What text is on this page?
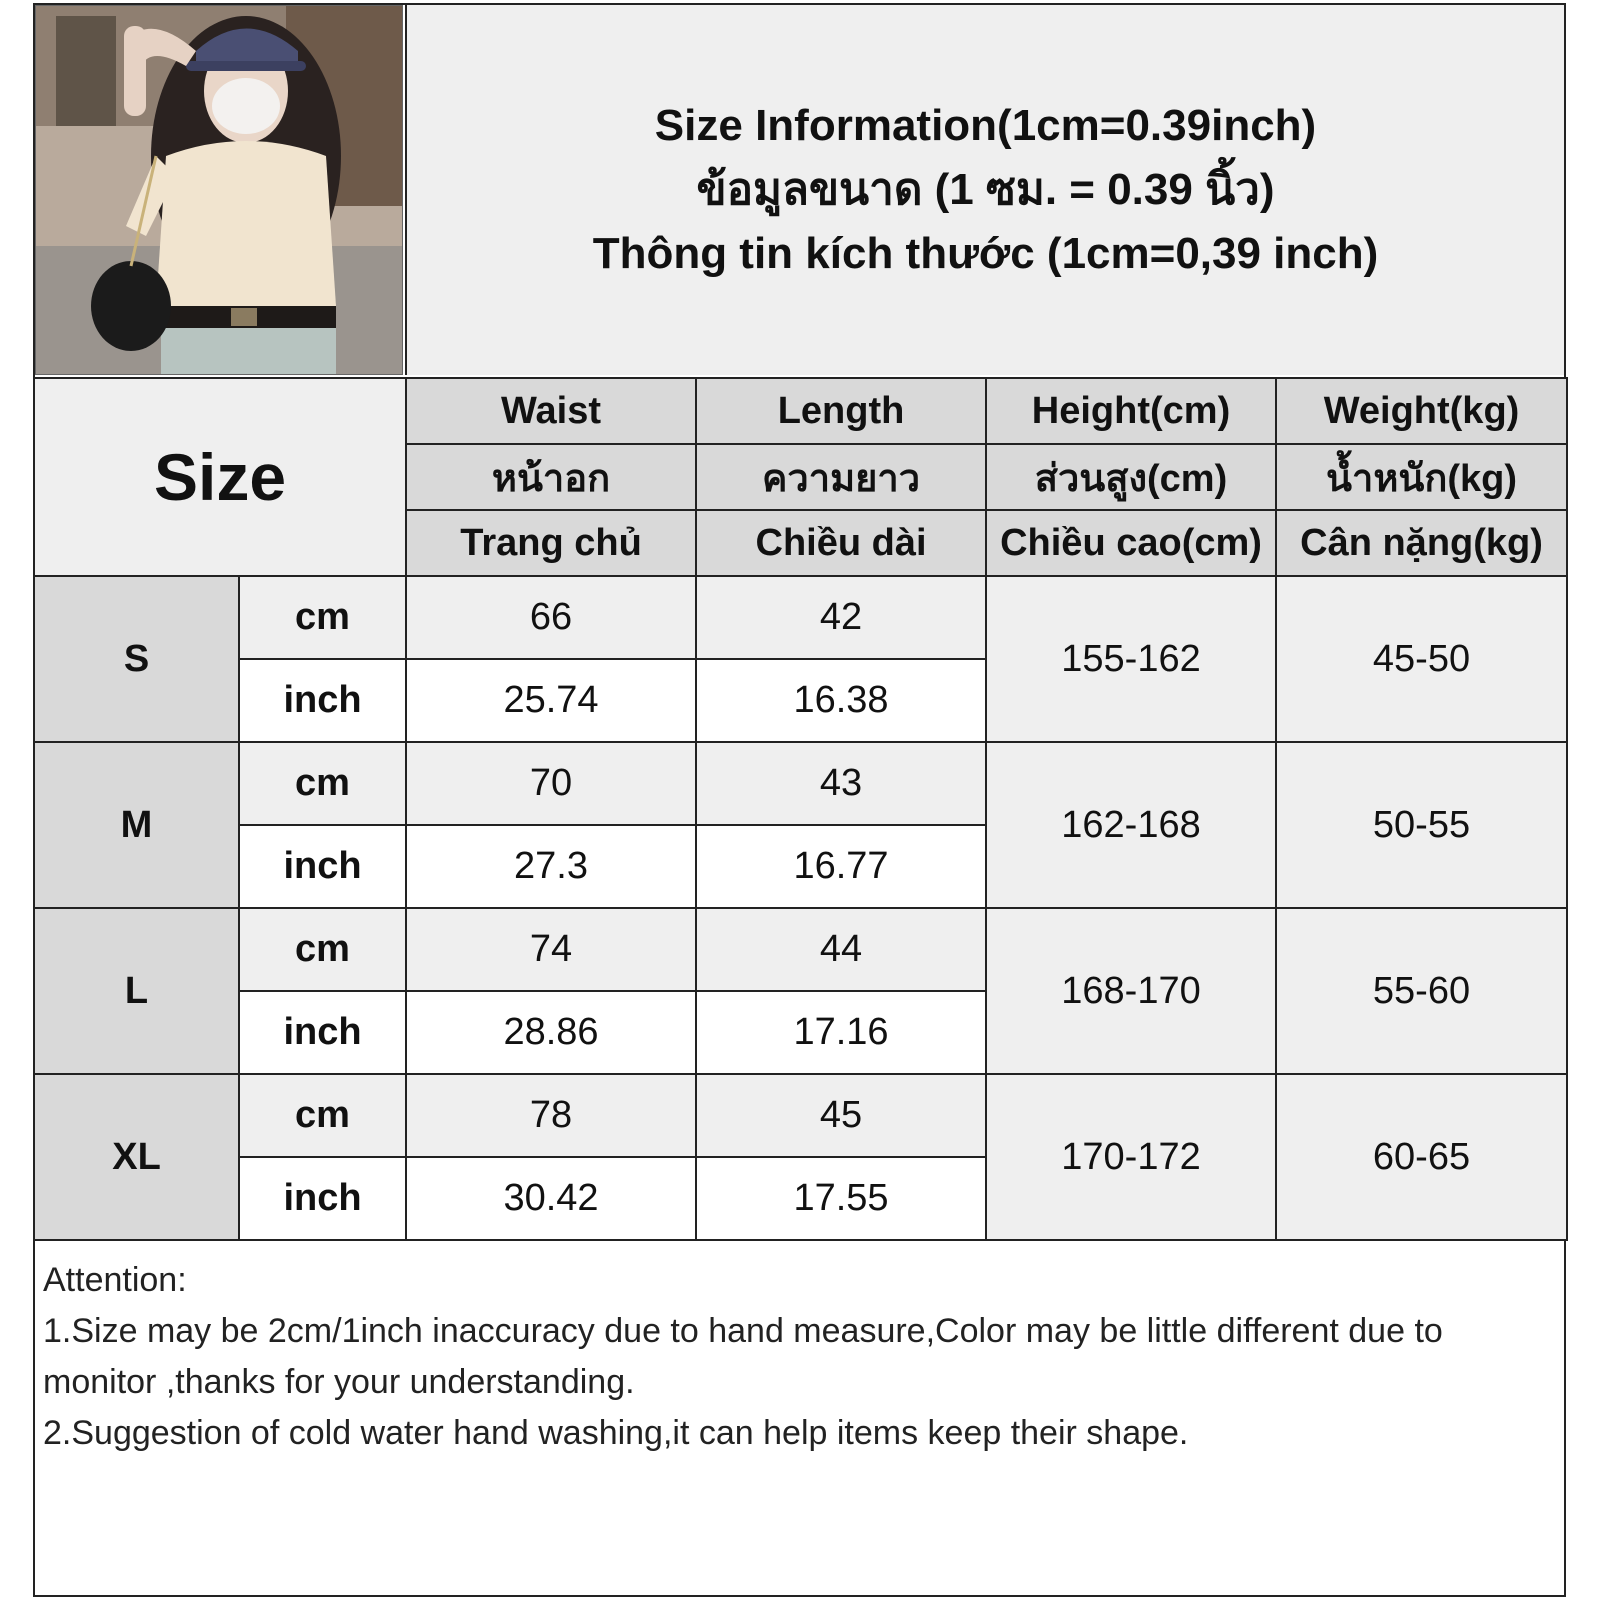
Size Information(1cm=0.39inch)
ข้อมูลขนาด (1 ซม. = 0.39 นิ้ว)
Thông tin kích thước (1cm=0,39 inch)
Size		Waist	Length	Height(cm)	Weight(kg)
		หน้าอก	ความยาว	ส่วนสูง(cm)	น้ำหนัก(kg)
		Trang chủ	Chiều dài	Chiều cao(cm)	Cân nặng(kg)
S	cm	66	42	155-162	45-50
	inch	25.74	16.38		
M	cm	70	43	162-168	50-55
	inch	27.3	16.77		
L	cm	74	44	168-170	55-60
	inch	28.86	17.16		
XL	cm	78	45	170-172	60-65
	inch	30.42	17.55		
Attention:
1.Size may be 2cm/1inch inaccuracy due to hand measure,Color may be little different due to monitor ,thanks for your understanding.
2.Suggestion of cold water hand washing,it can help items keep their shape.
